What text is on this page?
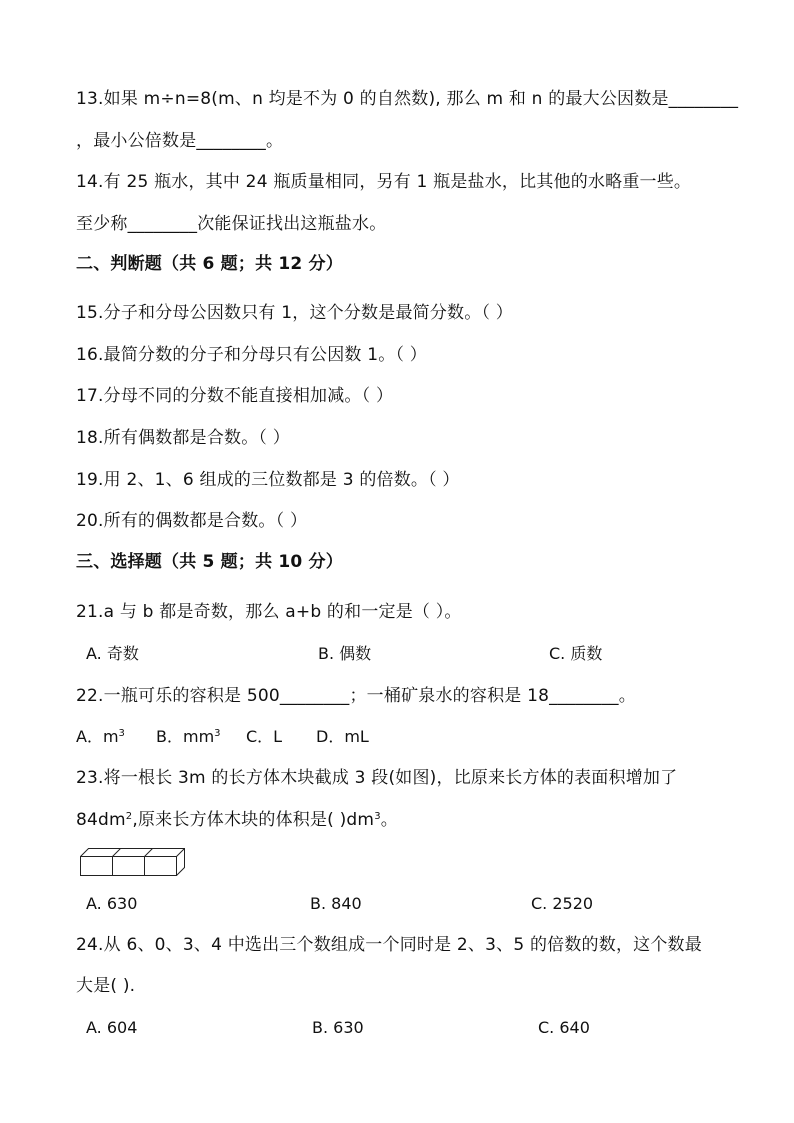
13.如果 m÷n=8(m、n 均是不为 0 的自然数), 那么 m 和 n 的最大公因数是________
，最小公倍数是________。
14.有 25 瓶水，其中 24 瓶质量相同，另有 1 瓶是盐水，比其他的水略重一些。
至少称________次能保证找出这瓶盐水。
二、判断题（共 6 题；共 12 分）
15.分子和分母公因数只有 1，这个分数是最简分数。（ ）
16.最简分数的分子和分母只有公因数 1。（ ）
17.分母不同的分数不能直接相加减。（ ）
18.所有偶数都是合数。（ ）
19.用 2、1、6 组成的三位数都是 3 的倍数。（ ）
20.所有的偶数都是合数。（ ）
三、选择题（共 5 题；共 10 分）
21.a 与 b 都是奇数，那么 a+b 的和一定是（ ）。
A. 奇数	B. 偶数	C. 质数
22.一瓶可乐的容积是 500________；一桶矿泉水的容积是 18________。
A．$m^3$ B．$mm^3$ C．L D．mL
23.将一根长 3m 的长方体木块截成 3 段(如图)，比原来长方体的表面积增加了
$84dm^2$,原来长方体木块的体积是( )$dm^3$。
A. 630	B. 840	C. 2520
24.从 6、0、3、4 中选出三个数组成一个同时是 2、3、5 的倍数的数，这个数最
大是( ).
A. 604	B. 630	C. 640
